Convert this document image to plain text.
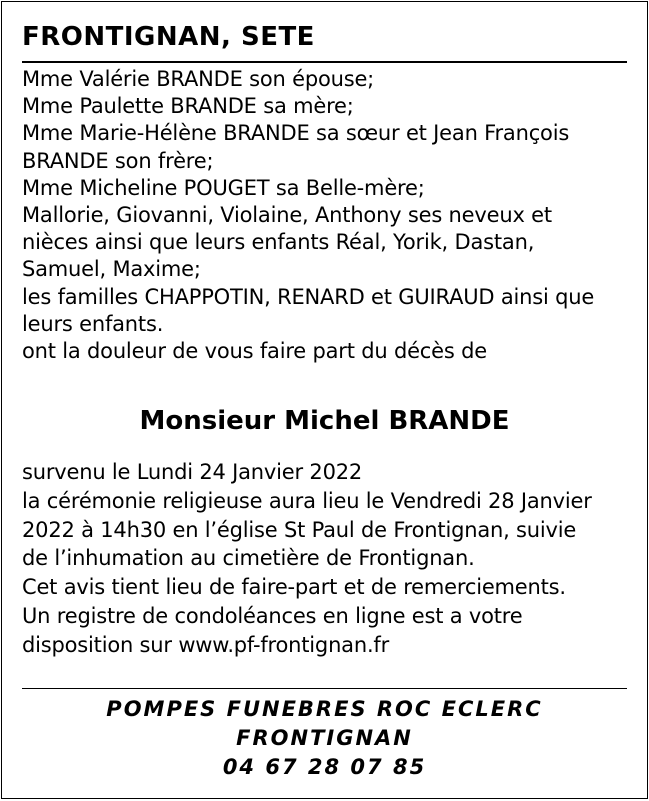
FRONTIGNAN, SETE
Mme Valérie BRANDE son épouse;
Mme Paulette BRANDE sa mère;
Mme Marie-Hélène BRANDE sa sœur et Jean François
BRANDE son frère;
Mme Micheline POUGET sa Belle-mère;
Mallorie, Giovanni, Violaine, Anthony ses neveux et
nièces ainsi que leurs enfants Réal, Yorik, Dastan,
Samuel, Maxime;
les familles CHAPPOTIN, RENARD et GUIRAUD ainsi que
leurs enfants.
ont la douleur de vous faire part du décès de
Monsieur Michel BRANDE
survenu le Lundi 24 Janvier 2022
la cérémonie religieuse aura lieu le Vendredi 28 Janvier
2022 à 14h30 en l’église St Paul de Frontignan, suivie
de l’inhumation au cimetière de Frontignan.
Cet avis tient lieu de faire-part et de remerciements.
Un registre de condoléances en ligne est a votre
disposition sur www.pf-frontignan.fr
POMPES FUNEBRES ROC ECLERC
FRONTIGNAN
04 67 28 07 85
